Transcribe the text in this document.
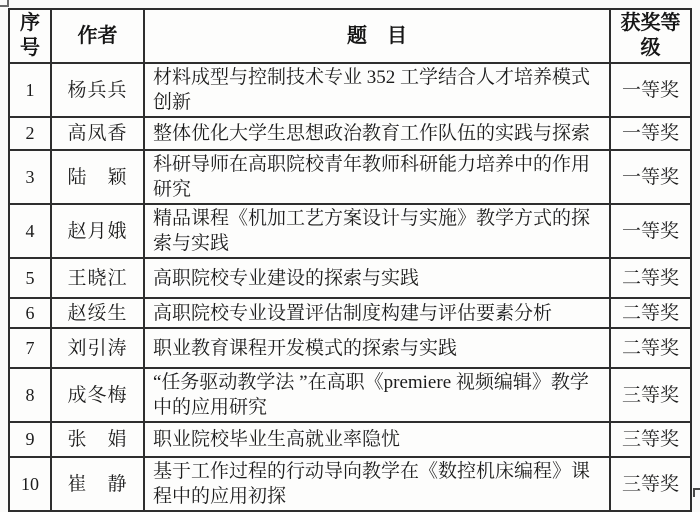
序号	作者	题　目	获奖等级
1	杨兵兵	材料成型与控制技术专业 352 工学结合人才培养模式创新	一等奖
2	高凤香	整体优化大学生思想政治教育工作队伍的实践与探索	一等奖
3	陆　颖	科研导师在高职院校青年教师科研能力培养中的作用研究	一等奖
4	赵月娥	精品课程《机加工艺方案设计与实施》教学方式的探索与实践	一等奖
5	王晓江	高职院校专业建设的探索与实践	二等奖
6	赵绥生	高职院校专业设置评估制度构建与评估要素分析	二等奖
7	刘引涛	职业教育课程开发模式的探索与实践	二等奖
8	成冬梅	“任务驱动教学法 ”在高职《premiere 视频编辑》教学中的应用研究	三等奖
9	张　娟	职业院校毕业生高就业率隐忧	三等奖
10	崔　静	基于工作过程的行动导向教学在《数控机床编程》课程中的应用初探	三等奖
